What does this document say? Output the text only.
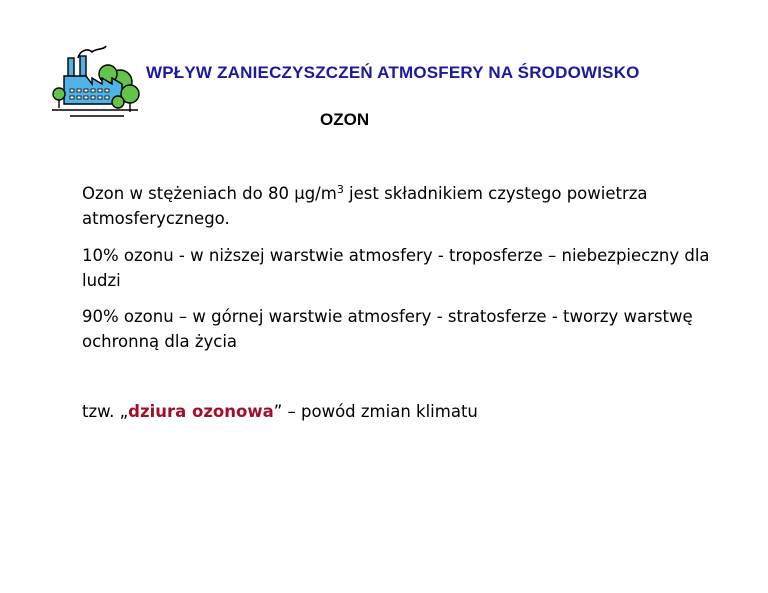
WPŁYW ZANIECZYSZCZEŃ ATMOSFERY NA ŚRODOWISKO
OZON

Ozon w stężeniach do 80 $\mu g/m^3$ jest składnikiem czystego powietrza atmosferycznego.

10% ozonu - w niższej warstwie atmosfery - troposferze – niebezpieczny dla ludzi

90% ozonu – w górnej warstwie atmosfery - stratosferze - tworzy warstwę ochronną dla życia

tzw. „dziura ozonowa” – powód zmian klimatu
